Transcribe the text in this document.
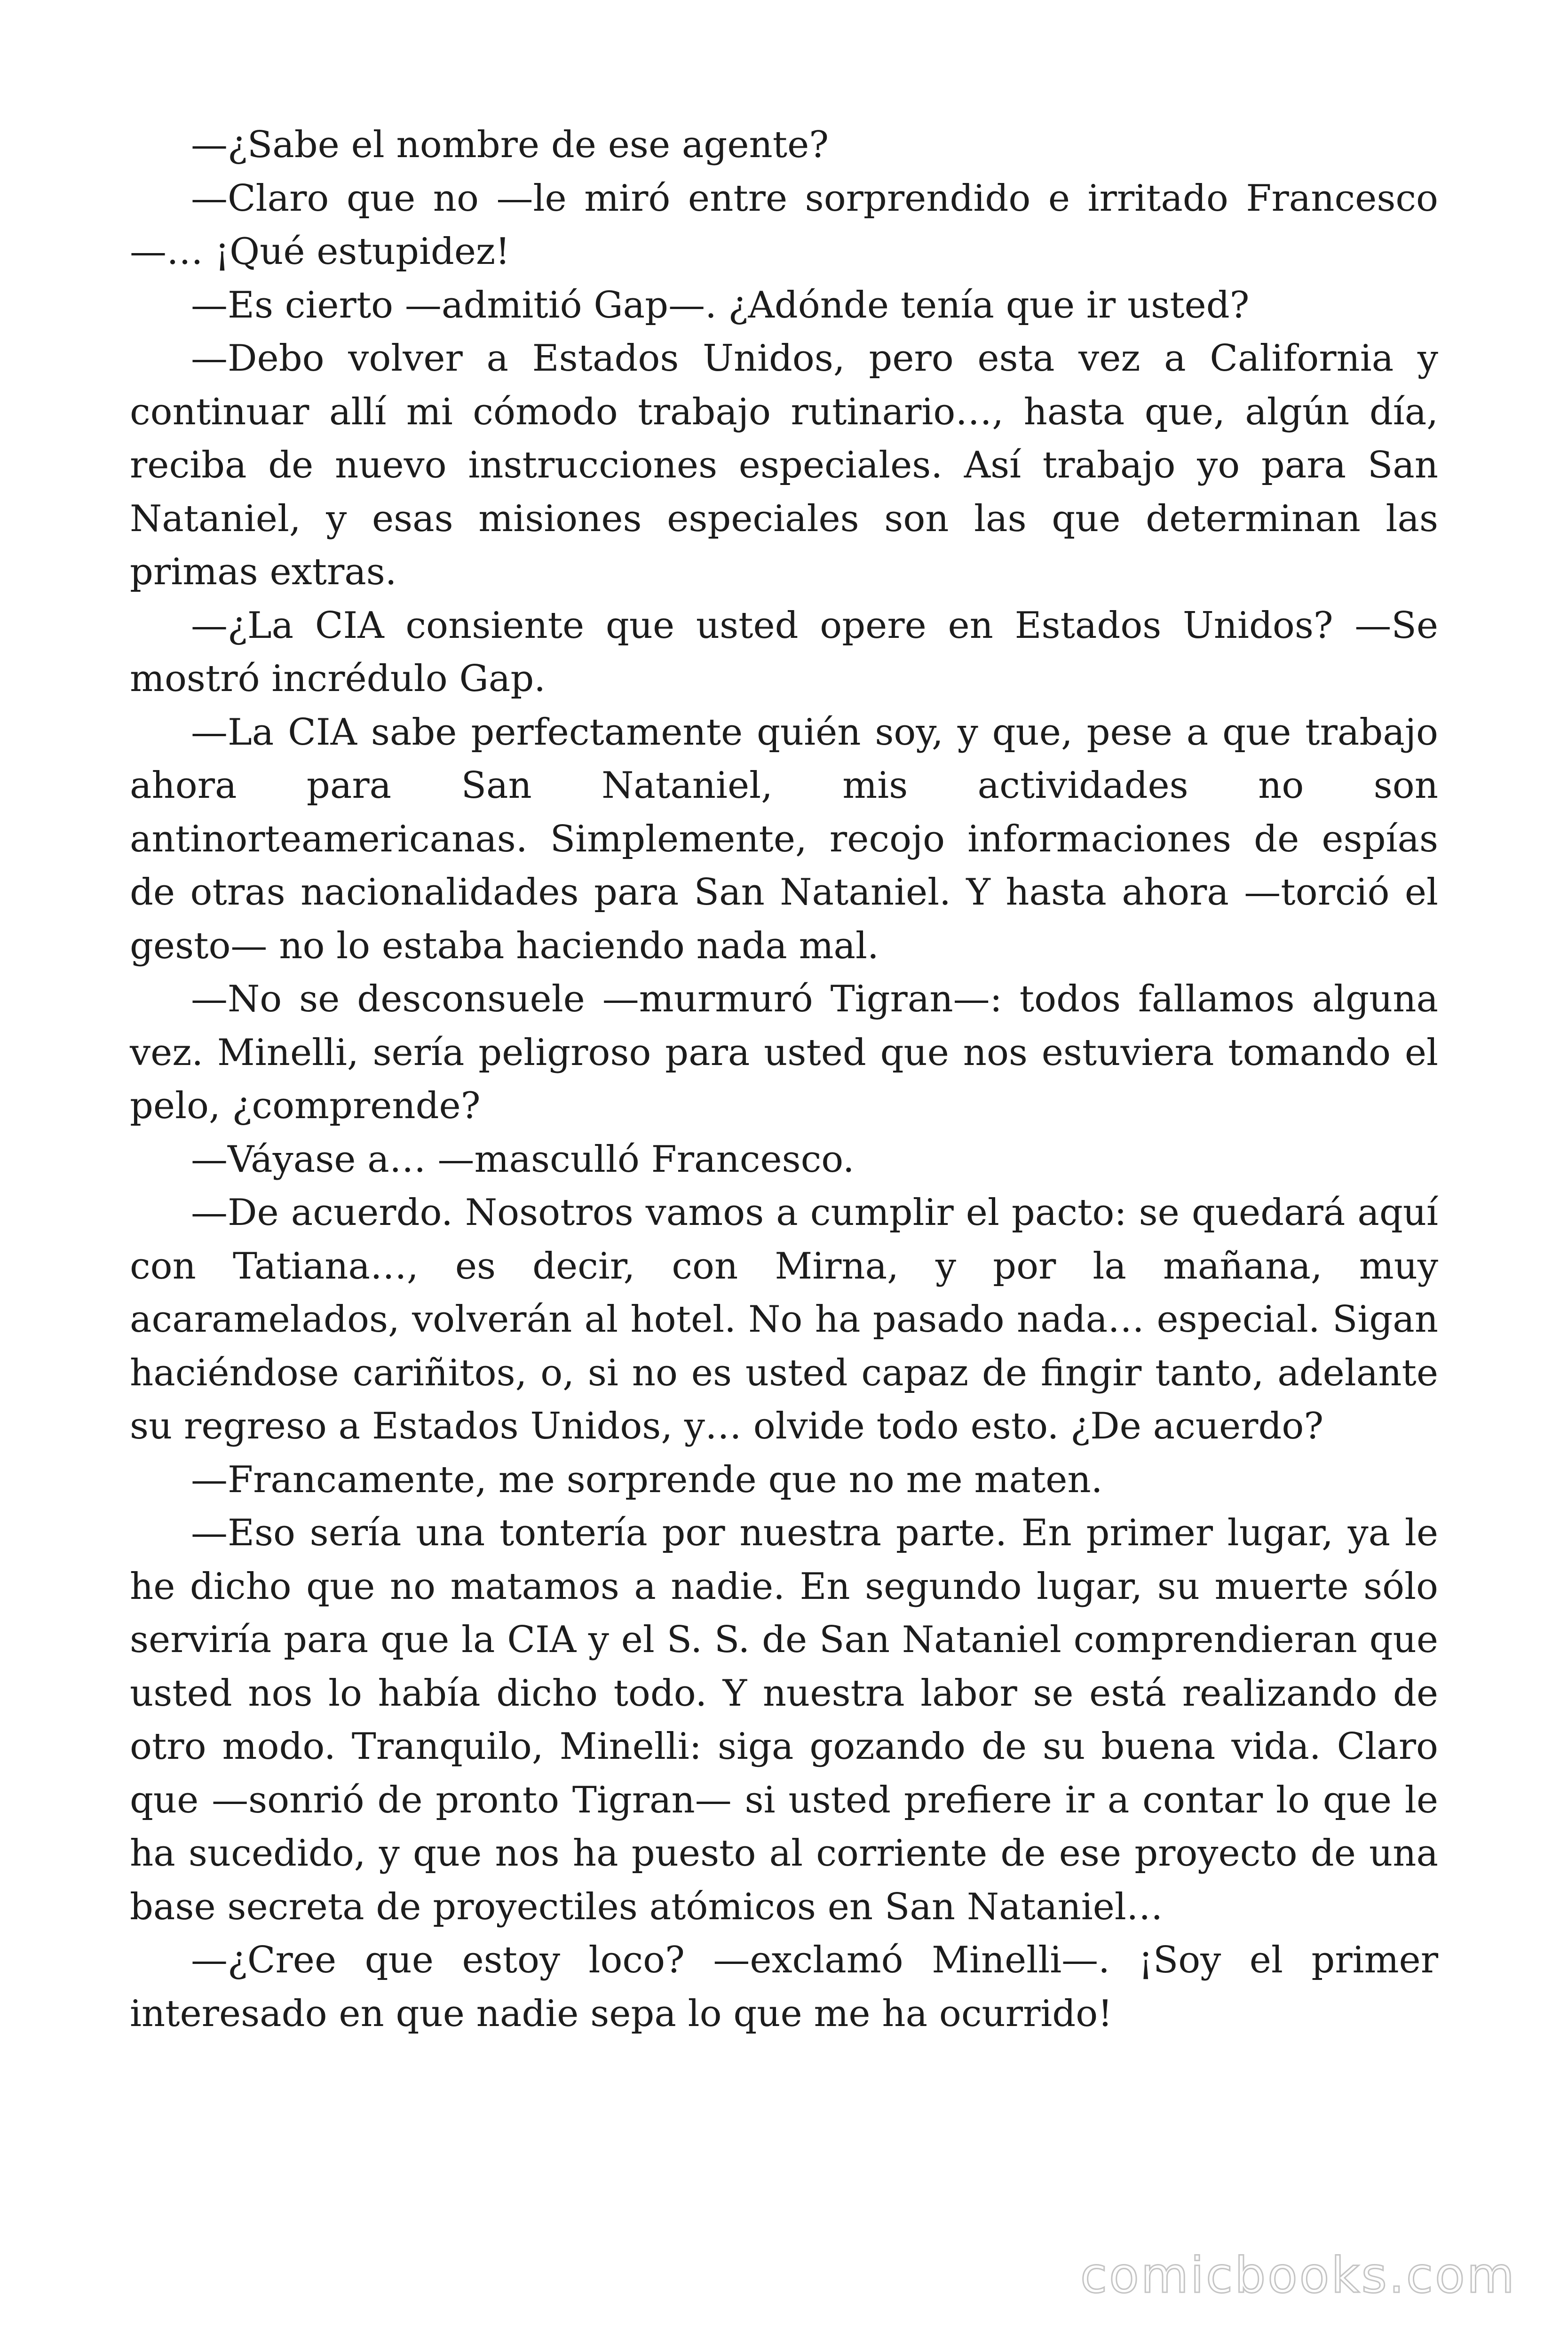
—¿Sabe el nombre de ese agente?

—Claro que no —le miró entre sorprendido e irritado Francesco —… ¡Qué estupidez!

—Es cierto —admitió Gap—. ¿Adónde tenía que ir usted?

—Debo volver a Estados Unidos, pero esta vez a California y continuar allí mi cómodo trabajo rutinario…, hasta que, algún día, reciba de nuevo instrucciones especiales. Así trabajo yo para San Nataniel, y esas misiones especiales son las que determinan las primas extras.

—¿La CIA consiente que usted opere en Estados Unidos? —Se mostró incrédulo Gap.

—La CIA sabe perfectamente quién soy, y que, pese a que trabajo ahora para San Nataniel, mis actividades no son antinorteamericanas. Simplemente, recojo informaciones de espías de otras nacionalidades para San Nataniel. Y hasta ahora —torció el gesto— no lo estaba haciendo nada mal.

—No se desconsuele —murmuró Tigran—: todos fallamos alguna vez. Minelli, sería peligroso para usted que nos estuviera tomando el pelo, ¿comprende?

—Váyase a… —masculló Francesco.

—De acuerdo. Nosotros vamos a cumplir el pacto: se quedará aquí con Tatiana…, es decir, con Mirna, y por la mañana, muy acaramelados, volverán al hotel. No ha pasado nada… especial. Sigan haciéndose cariñitos, o, si no es usted capaz de fingir tanto, adelante su regreso a Estados Unidos, y… olvide todo esto. ¿De acuerdo?

—Francamente, me sorprende que no me maten.

—Eso sería una tontería por nuestra parte. En primer lugar, ya le he dicho que no matamos a nadie. En segundo lugar, su muerte sólo serviría para que la CIA y el S. S. de San Nataniel comprendieran que usted nos lo había dicho todo. Y nuestra labor se está realizando de otro modo. Tranquilo, Minelli: siga gozando de su buena vida. Claro que —sonrió de pronto Tigran— si usted prefiere ir a contar lo que le ha sucedido, y que nos ha puesto al corriente de ese proyecto de una base secreta de proyectiles atómicos en San Nataniel…

—¿Cree que estoy loco? —exclamó Minelli—. ¡Soy el primer interesado en que nadie sepa lo que me ha ocurrido!

comicbooks.com
